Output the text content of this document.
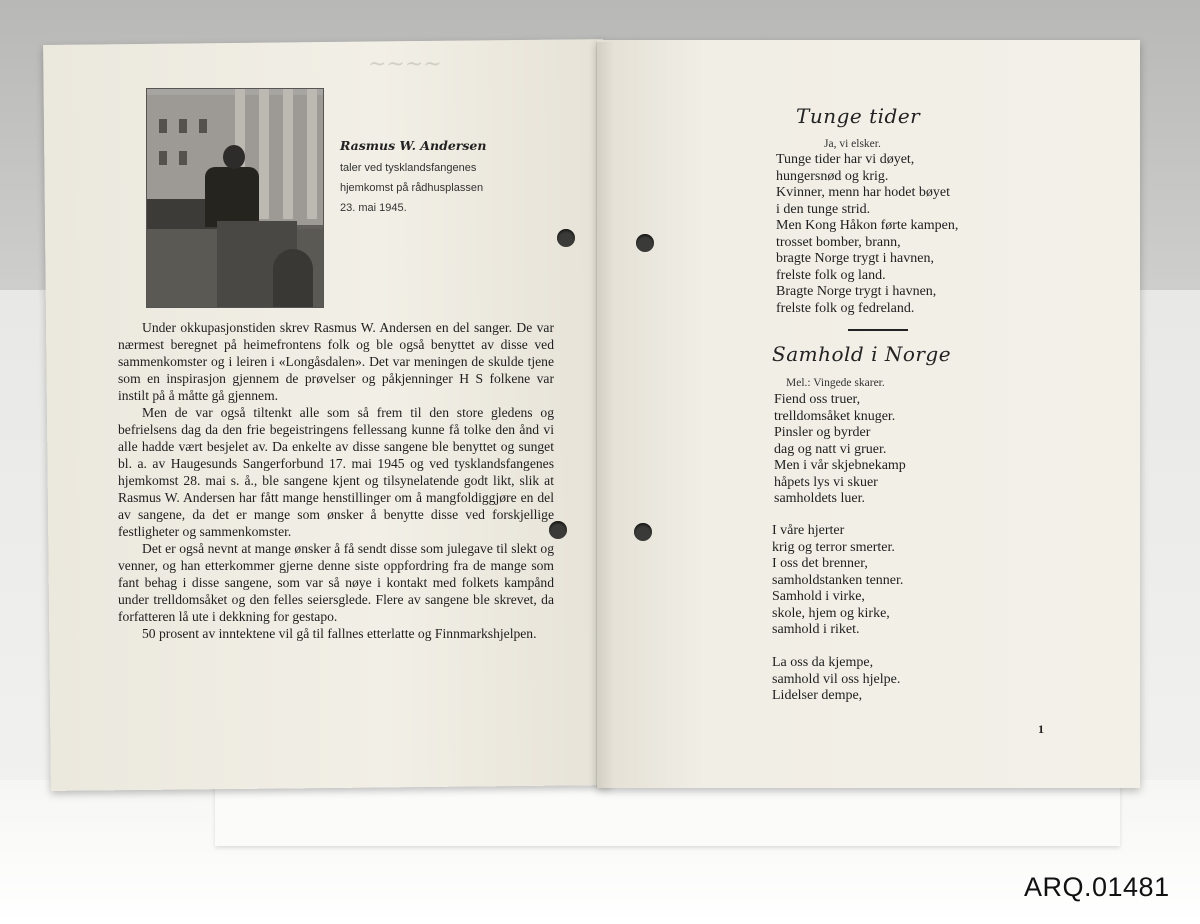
~~~~
Rasmus W. Andersen
taler ved tysklandsfangenes
hjemkomst på rådhusplassen
23. mai 1945.

Under okkupasjonstiden skrev Rasmus W. Andersen en del sanger. De var nærmest beregnet på heimefrontens folk og ble også benyttet av disse ved sammenkomster og i leiren i «Longåsdalen». Det var meningen de skulde tjene som en inspirasjon gjennem de prøvelser og påkjenninger H S folkene var instilt på å måtte gå gjennem.

Men de var også tiltenkt alle som så frem til den store gledens og befrielsens dag da den frie begeistringens fellessang kunne få tolke den ånd vi alle hadde vært besjelet av. Da enkelte av disse sangene ble benyttet og sunget bl. a. av Haugesunds Sangerforbund 17. mai 1945 og ved tysklandsfangenes hjemkomst 28. mai s. å., ble sangene kjent og tilsynelatende godt likt, slik at Rasmus W. Andersen har fått mange henstillinger om å mangfoldiggjøre en del av sangene, da det er mange som ønsker å benytte disse ved forskjellige festligheter og sammenkomster.

Det er også nevnt at mange ønsker å få sendt disse som julegave til slekt og venner, og han etterkommer gjerne denne siste oppfordring fra de mange som fant behag i disse sangene, som var så nøye i kontakt med folkets kampånd under trelldomsåket og den felles seiersglede. Flere av sangene ble skrevet, da forfatteren lå ute i dekkning for gestapo.

50 prosent av inntektene vil gå til fallnes etterlatte og Finnmarkshjelpen.

Tunge tider
Ja, vi elsker.
Tunge tider har vi døyet,
hungersnød og krig.
Kvinner, menn har hodet bøyet
i den tunge strid.
Men Kong Håkon førte kampen,
trosset bomber, brann,
bragte Norge trygt i havnen,
frelste folk og land.
Bragte Norge trygt i havnen,
frelste folk og fedreland.
Samhold i Norge
Mel.: Vingede skarer.
Fiend oss truer,
trelldomsåket knuger.
Pinsler og byrder
dag og natt vi gruer.
Men i vår skjebnekamp
håpets lys vi skuer
samholdets luer.
I våre hjerter
krig og terror smerter.
I oss det brenner,
samholdstanken tenner.
Samhold i virke,
skole, hjem og kirke,
samhold i riket.
La oss da kjempe,
samhold vil oss hjelpe.
Lidelser dempe,
1
ARQ.01481
